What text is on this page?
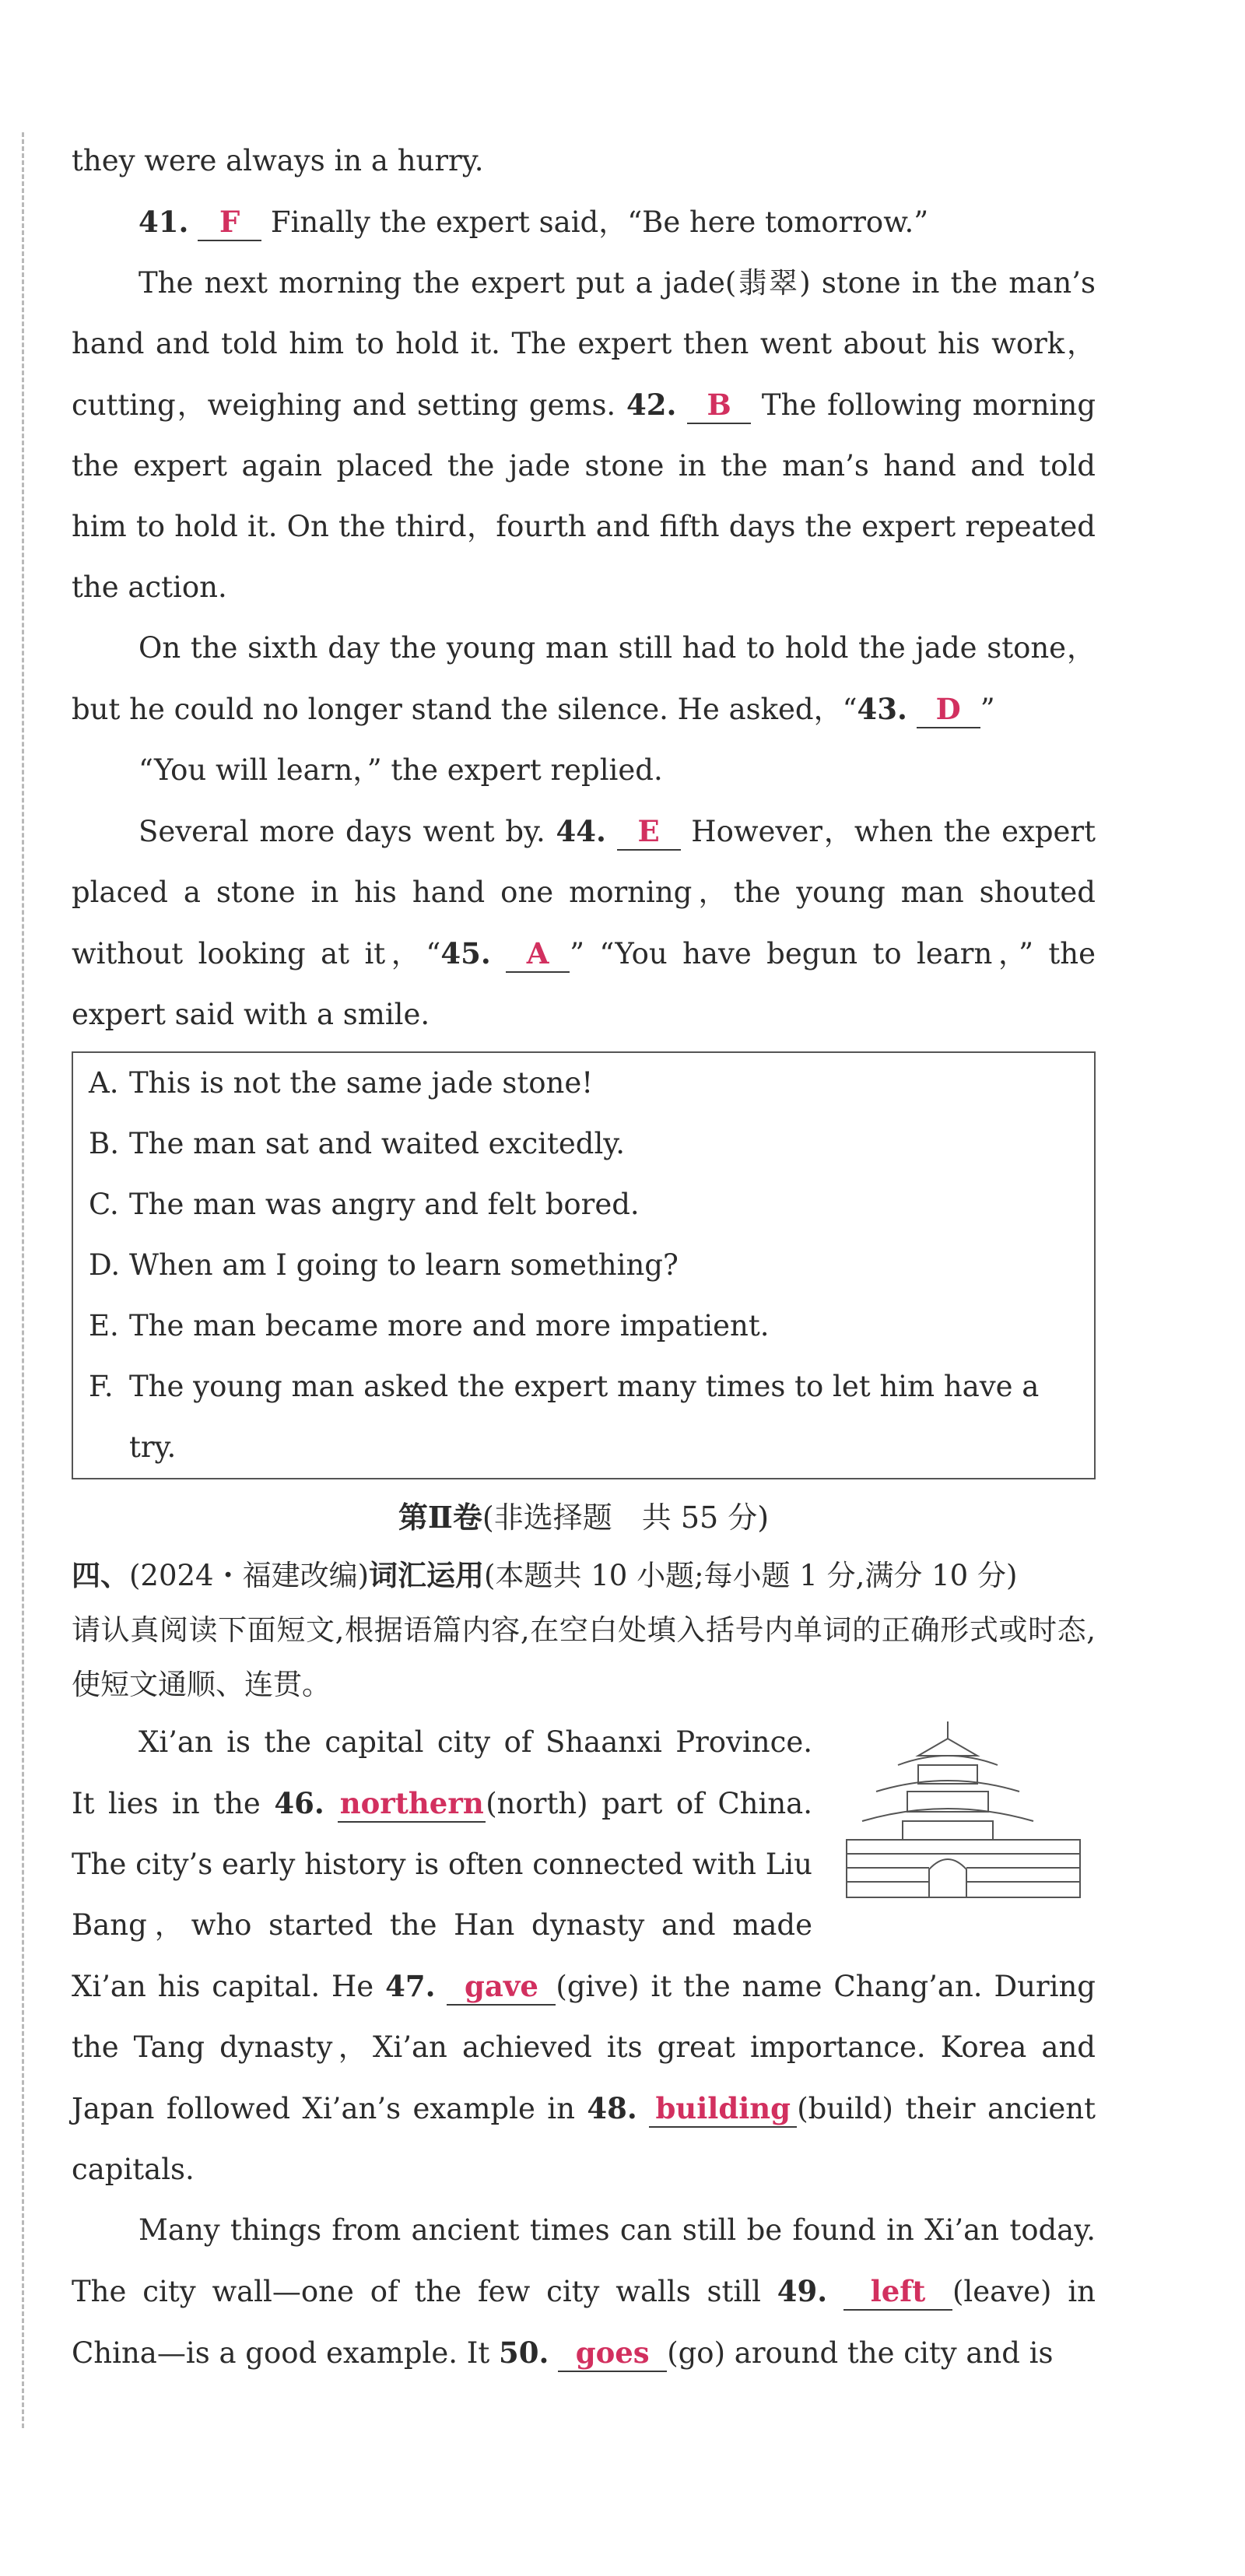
they were always in a hurry.

41. F Finally the expert said，“Be here tomorrow.”

The next morning the expert put a jade(翡翠) stone in the man’s hand and told him to hold it. The expert then went about his work，cutting，weighing and setting gems. 42. B The following morning the expert again placed the jade stone in the man’s hand and told him to hold it. On the third，fourth and fifth days the expert repeated the action.

On the sixth day the young man still had to hold the jade stone，but he could no longer stand the silence. He asked，“43. D ”

“You will learn，” the expert replied.

Several more days went by. 44. E However，when the expert placed a stone in his hand one morning，the young man shouted without looking at it，“45. A ” “You have begun to learn，” the expert said with a smile.

A. This is not the same jade stone!
B. The man sat and waited excitedly.
C. The man was angry and felt bored.
D. When am I going to learn something?
E. The man became more and more impatient.
F. The young man asked the expert many times to let him have a try.
第Ⅱ卷(非选择题　共 55 分)

四、(2024・福建改编)词汇运用(本题共 10 小题;每小题 1 分,满分 10 分)

请认真阅读下面短文,根据语篇内容,在空白处填入括号内单词的正确形式或时态,使短文通顺、连贯。

Xi’an is the capital city of Shaanxi Province. It lies in the 46. northern(north) part of China. The city’s early history is often connected with Liu Bang，who started the Han dynasty and made Xi’an his capital. He 47. gave (give) it the name Chang’an. During the Tang dynasty，Xi’an achieved its great importance. Korea and Japan followed Xi’an’s example in 48. building (build) their ancient capitals.

Many things from ancient times can still be found in Xi’an today. The city wall—one of the few city walls still 49. left (leave) in China—is a good example. It 50. goes (go) around the city and is
